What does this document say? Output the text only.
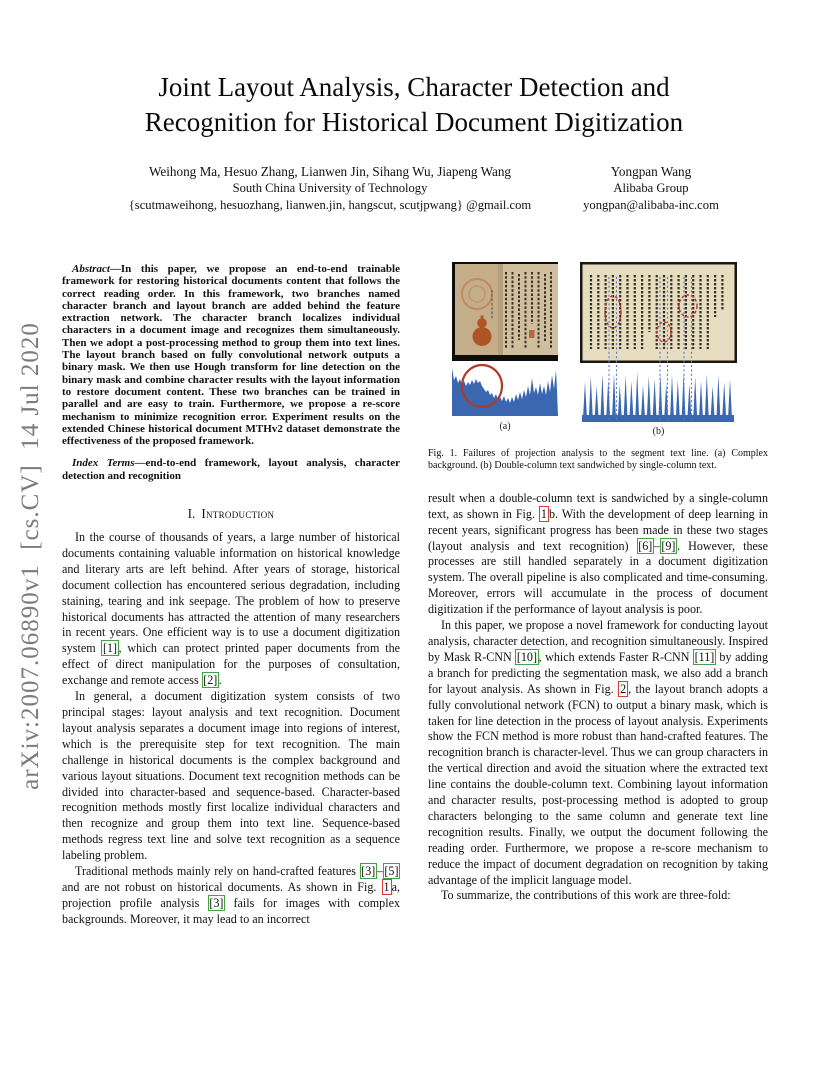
arXiv:2007.06890v1  [cs.CV]  14 Jul 2020
Joint Layout Analysis, Character Detection and Recognition for Historical Document Digitization
Weihong Ma, Hesuo Zhang, Lianwen Jin, Sihang Wu, Jiapeng Wang
South China University of Technology
{scutmaweihong, hesuozhang, lianwen.jin, hangscut, scutjpwang} @gmail.com
Yongpan Wang
Alibaba Group
yongpan@alibaba-inc.com

Abstract—In this paper, we propose an end-to-end trainable framework for restoring historical documents content that follows the correct reading order. In this framework, two branches named character branch and layout branch are added behind the feature extraction network. The character branch localizes individual characters in a document image and recognizes them simultaneously. Then we adopt a post-processing method to group them into text lines. The layout branch based on fully convolutional network outputs a binary mask. We then use Hough transform for line detection on the binary mask and combine character results with the layout information to restore document content. These two branches can be trained in parallel and are easy to train. Furthermore, we propose a re-score mechanism to minimize recognition error. Experiment results on the extended Chinese historical document MTHv2 dataset demonstrate the effectiveness of the proposed framework.

Index Terms—end-to-end framework, layout analysis, character detection and recognition

I. Introduction

In the course of thousands of years, a large number of historical documents containing valuable information on historical knowledge and literary arts are left behind. After years of storage, historical document collection has encountered serious degradation, including staining, tearing and ink seepage. The problem of how to preserve historical documents has attracted the attention of many researchers in recent years. One efficient way is to use a document digitization system [1] , which can protect printed paper documents from the effect of direct manipulation for the purposes of consultation, exchange and remote access [2] .

In general, a document digitization system consists of two principal stages: layout analysis and text recognition. Document layout analysis separates a document image into regions of interest, which is the prerequisite step for text recognition. The main challenge in historical documents is the complex background and various layout situations. Document text recognition methods can be divided into character-based and sequence-based. Character-based recognition methods mostly first localize individual characters and then recognize and group them into text line. Sequence-based methods regress text line and solve text recognition as a sequence labeling problem.

Traditional methods mainly rely on hand-crafted features [3] – [5] and are not robust on historical documents. As shown in Fig. 1 a, projection profile analysis [3] fails for images with complex backgrounds. Moreover, it may lead to an incorrect

(a)	(b)
Fig. 1. Failures of projection analysis to the segment text line. (a) Complex background. (b) Double-column text sandwiched by single-column text.

result when a double-column text is sandwiched by a single-column text, as shown in Fig. 1 b. With the development of deep learning in recent years, significant progress has been made in these two stages (layout analysis and text recognition) [6] – [9] . However, these processes are still handled separately in a document digitization system. The overall pipeline is also complicated and time-consuming. Moreover, errors will accumulate in the process of document digitization if the performance of layout analysis is poor.

In this paper, we propose a novel framework for conducting layout analysis, character detection, and recognition simultaneously. Inspired by Mask R-CNN [10] , which extends Faster R-CNN [11] by adding a branch for predicting the segmentation mask, we also add a branch for layout analysis. As shown in Fig. 2 , the layout branch adopts a fully convolutional network (FCN) to output a binary mask, which is taken for line detection in the process of layout analysis. Experiments show the FCN method is more robust than hand-crafted features. The recognition branch is character-level. Thus we can group characters in the vertical direction and avoid the situation where the extracted text line contains the double-column text. Combining layout information and character results, post-processing method is adopted to group characters belonging to the same column and generate text line recognition results. Finally, we output the document following the reading order. Furthermore, we propose a re-score mechanism to reduce the impact of document degradation on recognition by taking advantage of the implicit language model.

To summarize, the contributions of this work are three-fold:
